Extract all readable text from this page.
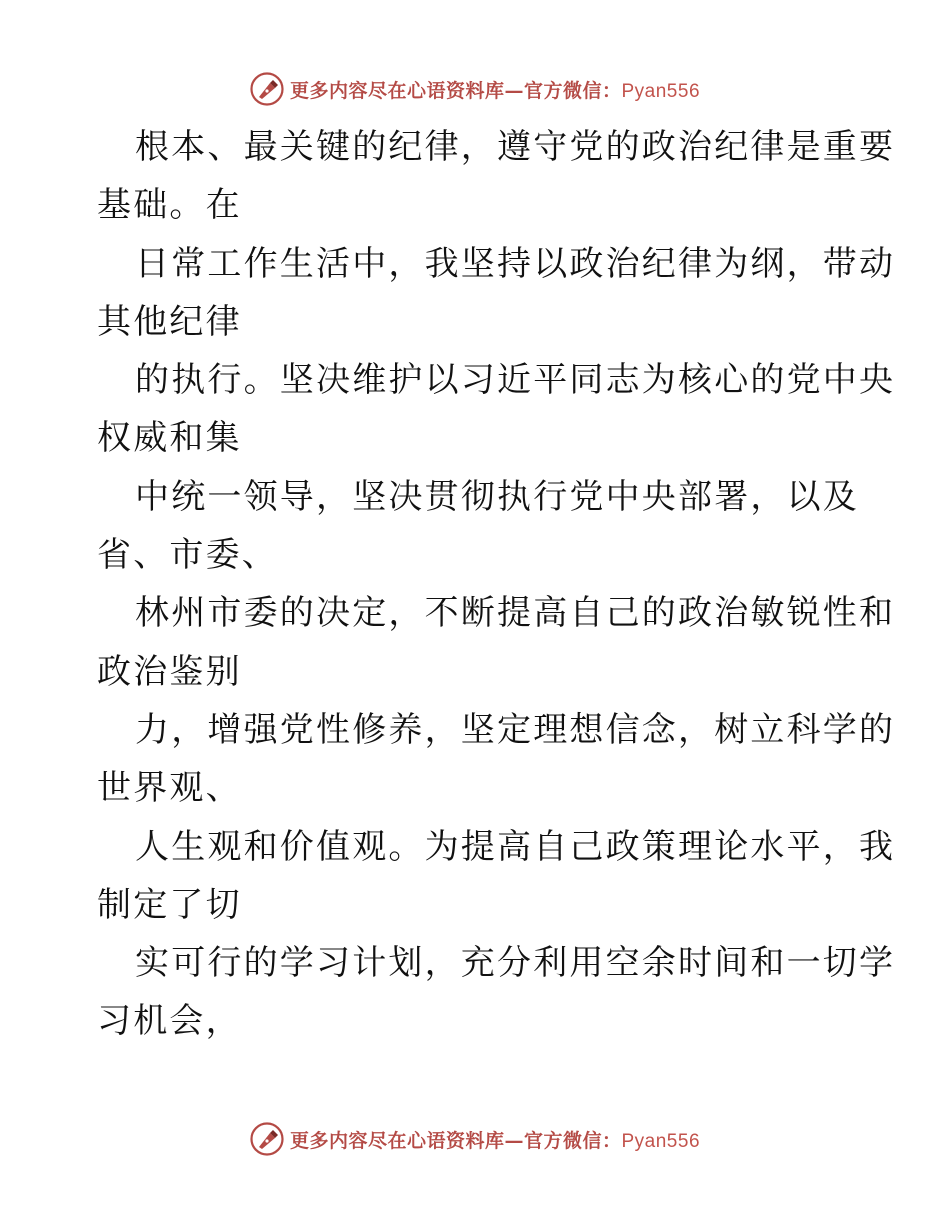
更多内容尽在心语资料库—官方微信：Pyan556
根本、最关键的纪律，遵守党的政治纪律是重要
基础。在
日常工作生活中，我坚持以政治纪律为纲，带动
其他纪律
的执行。坚决维护以习近平同志为核心的党中央
权威和集
中统一领导，坚决贯彻执行党中央部署，以及
省、市委、
林州市委的决定，不断提高自己的政治敏锐性和
政治鉴别
力，增强党性修养，坚定理想信念，树立科学的
世界观、
人生观和价值观。为提高自己政策理论水平，我
制定了切
实可行的学习计划，充分利用空余时间和一切学
习机会，
更多内容尽在心语资料库—官方微信：Pyan556
